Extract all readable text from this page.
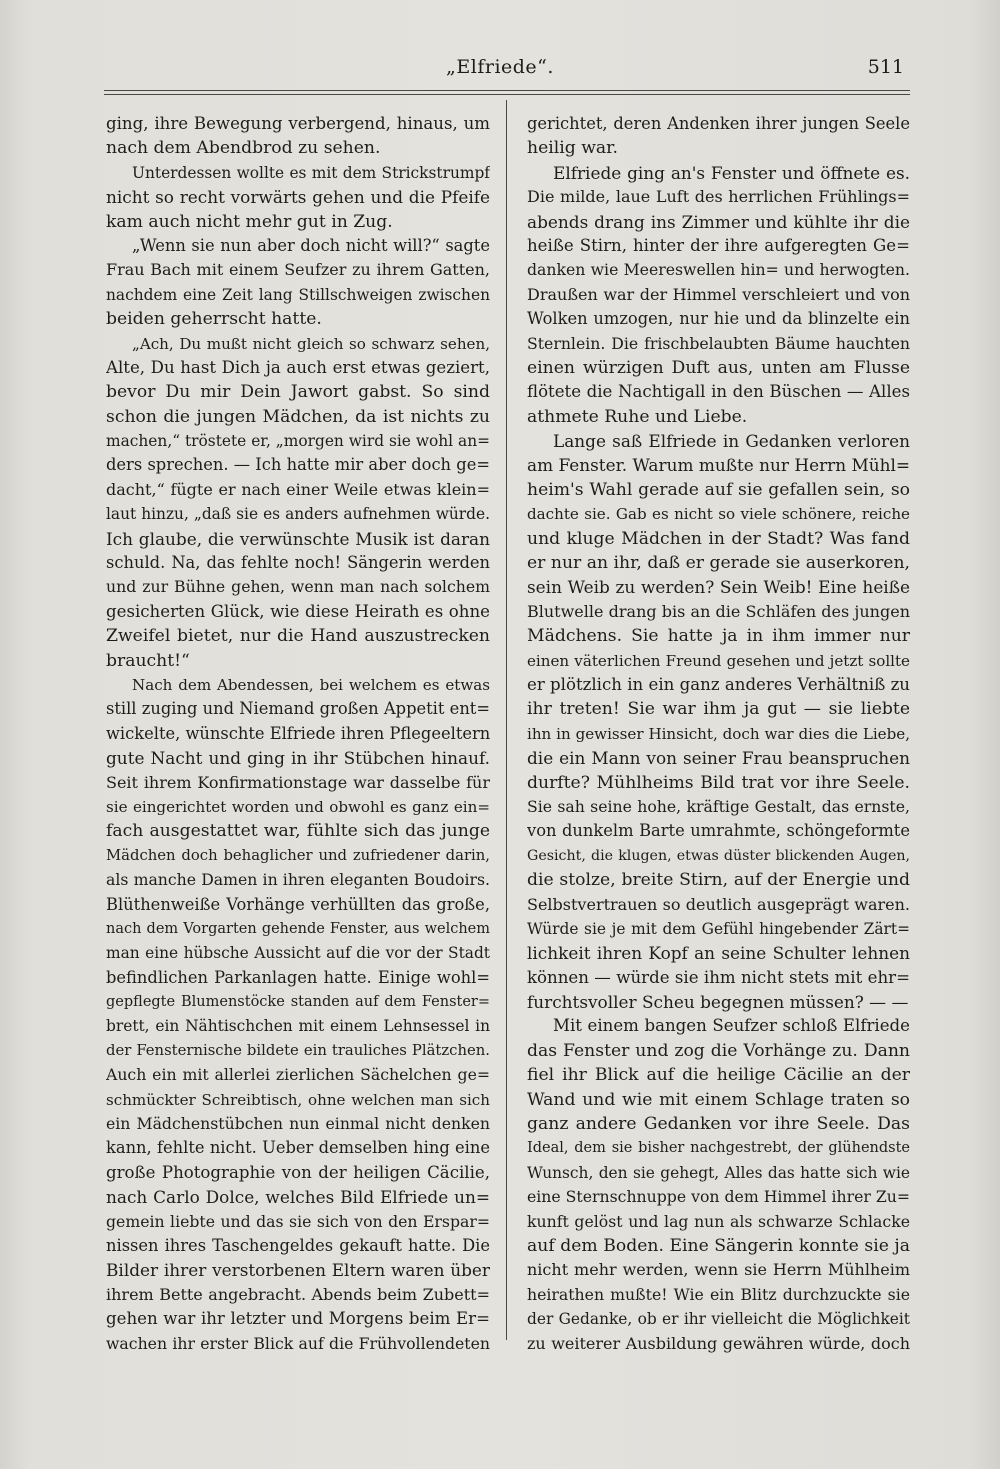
„Elfriede“.	511
ging, ihre Bewegung verbergend, hinaus, um
nach dem Abendbrod zu sehen.
Unterdessen wollte es mit dem Strickstrumpf
nicht so recht vorwärts gehen und die Pfeife
kam auch nicht mehr gut in Zug.
„Wenn sie nun aber doch nicht will?“ sagte
Frau Bach mit einem Seufzer zu ihrem Gatten,
nachdem eine Zeit lang Stillschweigen zwischen
beiden geherrscht hatte.
„Ach, Du mußt nicht gleich so schwarz sehen,
Alte, Du hast Dich ja auch erst etwas geziert,
bevor Du mir Dein Jawort gabst. So sind
schon die jungen Mädchen, da ist nichts zu
machen,“ tröstete er, „morgen wird sie wohl an=
ders sprechen. — Ich hatte mir aber doch ge=
dacht,“ fügte er nach einer Weile etwas klein=
laut hinzu, „daß sie es anders aufnehmen würde.
Ich glaube, die verwünschte Musik ist daran
schuld. Na, das fehlte noch! Sängerin werden
und zur Bühne gehen, wenn man nach solchem
gesicherten Glück, wie diese Heirath es ohne
Zweifel bietet, nur die Hand auszustrecken
braucht!“
Nach dem Abendessen, bei welchem es etwas
still zuging und Niemand großen Appetit ent=
wickelte, wünschte Elfriede ihren Pflegeeltern
gute Nacht und ging in ihr Stübchen hinauf.
Seit ihrem Konfirmationstage war dasselbe für
sie eingerichtet worden und obwohl es ganz ein=
fach ausgestattet war, fühlte sich das junge
Mädchen doch behaglicher und zufriedener darin,
als manche Damen in ihren eleganten Boudoirs.
Blüthenweiße Vorhänge verhüllten das große,
nach dem Vorgarten gehende Fenster, aus welchem
man eine hübsche Aussicht auf die vor der Stadt
befindlichen Parkanlagen hatte. Einige wohl=
gepflegte Blumenstöcke standen auf dem Fenster=
brett, ein Nähtischchen mit einem Lehnsessel in
der Fensternische bildete ein trauliches Plätzchen.
Auch ein mit allerlei zierlichen Sächelchen ge=
schmückter Schreibtisch, ohne welchen man sich
ein Mädchenstübchen nun einmal nicht denken
kann, fehlte nicht. Ueber demselben hing eine
große Photographie von der heiligen Cäcilie,
nach Carlo Dolce, welches Bild Elfriede un=
gemein liebte und das sie sich von den Erspar=
nissen ihres Taschengeldes gekauft hatte. Die
Bilder ihrer verstorbenen Eltern waren über
ihrem Bette angebracht. Abends beim Zubett=
gehen war ihr letzter und Morgens beim Er=
wachen ihr erster Blick auf die Frühvollendeten
gerichtet, deren Andenken ihrer jungen Seele
heilig war.
Elfriede ging an's Fenster und öffnete es.
Die milde, laue Luft des herrlichen Frühlings=
abends drang ins Zimmer und kühlte ihr die
heiße Stirn, hinter der ihre aufgeregten Ge=
danken wie Meereswellen hin= und herwogten.
Draußen war der Himmel verschleiert und von
Wolken umzogen, nur hie und da blinzelte ein
Sternlein. Die frischbelaubten Bäume hauchten
einen würzigen Duft aus, unten am Flusse
flötete die Nachtigall in den Büschen — Alles
athmete Ruhe und Liebe.
Lange saß Elfriede in Gedanken verloren
am Fenster. Warum mußte nur Herrn Mühl=
heim's Wahl gerade auf sie gefallen sein, so
dachte sie. Gab es nicht so viele schönere, reiche
und kluge Mädchen in der Stadt? Was fand
er nur an ihr, daß er gerade sie auserkoren,
sein Weib zu werden? Sein Weib! Eine heiße
Blutwelle drang bis an die Schläfen des jungen
Mädchens. Sie hatte ja in ihm immer nur
einen väterlichen Freund gesehen und jetzt sollte
er plötzlich in ein ganz anderes Verhältniß zu
ihr treten! Sie war ihm ja gut — sie liebte
ihn in gewisser Hinsicht, doch war dies die Liebe,
die ein Mann von seiner Frau beanspruchen
durfte? Mühlheims Bild trat vor ihre Seele.
Sie sah seine hohe, kräftige Gestalt, das ernste,
von dunkelm Barte umrahmte, schöngeformte
Gesicht, die klugen, etwas düster blickenden Augen,
die stolze, breite Stirn, auf der Energie und
Selbstvertrauen so deutlich ausgeprägt waren.
Würde sie je mit dem Gefühl hingebender Zärt=
lichkeit ihren Kopf an seine Schulter lehnen
können — würde sie ihm nicht stets mit ehr=
furchtsvoller Scheu begegnen müssen? — —
Mit einem bangen Seufzer schloß Elfriede
das Fenster und zog die Vorhänge zu. Dann
fiel ihr Blick auf die heilige Cäcilie an der
Wand und wie mit einem Schlage traten so
ganz andere Gedanken vor ihre Seele. Das
Ideal, dem sie bisher nachgestrebt, der glühendste
Wunsch, den sie gehegt, Alles das hatte sich wie
eine Sternschnuppe von dem Himmel ihrer Zu=
kunft gelöst und lag nun als schwarze Schlacke
auf dem Boden. Eine Sängerin konnte sie ja
nicht mehr werden, wenn sie Herrn Mühlheim
heirathen mußte! Wie ein Blitz durchzuckte sie
der Gedanke, ob er ihr vielleicht die Möglichkeit
zu weiterer Ausbildung gewähren würde, doch
